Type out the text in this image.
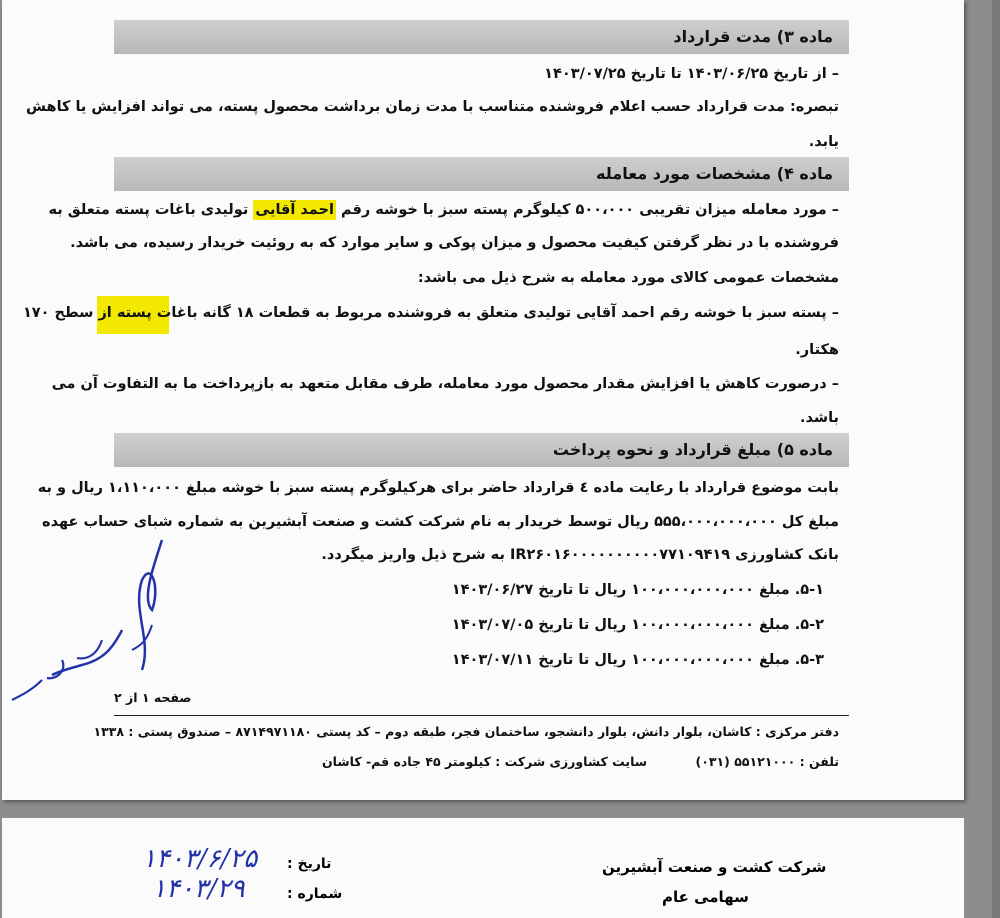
ماده ۳) مدت قرارداد
– از تاریخ ۱۴۰۳/۰۶/۲۵ تا تاریخ ۱۴۰۳/۰۷/۲۵
تبصره: مدت قرارداد حسب اعلام فروشنده متناسب با مدت زمان برداشت محصول پسته، می تواند افزایش یا کاهش
یابد.
ماده ۴) مشخصات مورد معامله
– مورد معامله میزان تقریبی ۵۰۰،۰۰۰ کیلوگرم پسته سبز با خوشه رقم احمد آقایی تولیدی باغات پسته متعلق به
فروشنده با در نظر گرفتن کیفیت محصول و میزان پوکی و سایر موارد که به روئیت خریدار رسیده، می باشد.
مشخصات عمومی کالای مورد معامله به شرح ذیل می باشد:
– پسته سبز با خوشه رقم احمد آقایی تولیدی متعلق به فروشنده مربوط به قطعات ۱۸ گانه باغات پسته از سطح ۱۷۰
هکتار.
– درصورت کاهش یا افزایش مقدار محصول مورد معامله، طرف مقابل متعهد به بازپرداخت ما به التفاوت آن می
باشد.
ماده ۵) مبلغ قرارداد و نحوه پرداخت
بابت موضوع قرارداد با رعایت ماده ٤ قرارداد حاضر برای هرکیلوگرم پسته سبز با خوشه مبلغ ۱،۱۱۰،۰۰۰ ریال و به
مبلغ کل ۵۵۵،۰۰۰،۰۰۰،۰۰۰ ریال توسط خریدار به نام شرکت کشت و صنعت آبشیرین به شماره شبای حساب عهده
بانک کشاورزی IR۲۶۰۱۶۰۰۰۰۰۰۰۰۰۰۷۷۱۰۹۴۱۹ به شرح ذیل واریز میگردد.
۵-۱. مبلغ ۱۰۰،۰۰۰،۰۰۰،۰۰۰ ریال تا تاریخ ۱۴۰۳/۰۶/۲۷
۵-۲. مبلغ ۱۰۰،۰۰۰،۰۰۰،۰۰۰ ریال تا تاریخ ۱۴۰۳/۰۷/۰۵
۵-۳. مبلغ ۱۰۰،۰۰۰،۰۰۰،۰۰۰ ریال تا تاریخ ۱۴۰۳/۰۷/۱۱
صفحه ۱ از ۲
دفتر مرکزی : کاشان، بلوار دانش، بلوار دانشجو، ساختمان فجر، طبقه دوم – کد پستی ۸۷۱۴۹۷۱۱۸۰ – صندوق پستی : ۱۳۳۸
تلفن : ۵۵۱۲۱۰۰۰ (۰۳۱)
سایت کشاورزی شرکت : کیلومتر ۴۵ جاده قم- کاشان
شرکت کشت و صنعت آبشیرین
سهامی عام
تاریخ :
شماره :
۱۴۰۳/۶/۲۵
۱۴۰۳/۲۹
